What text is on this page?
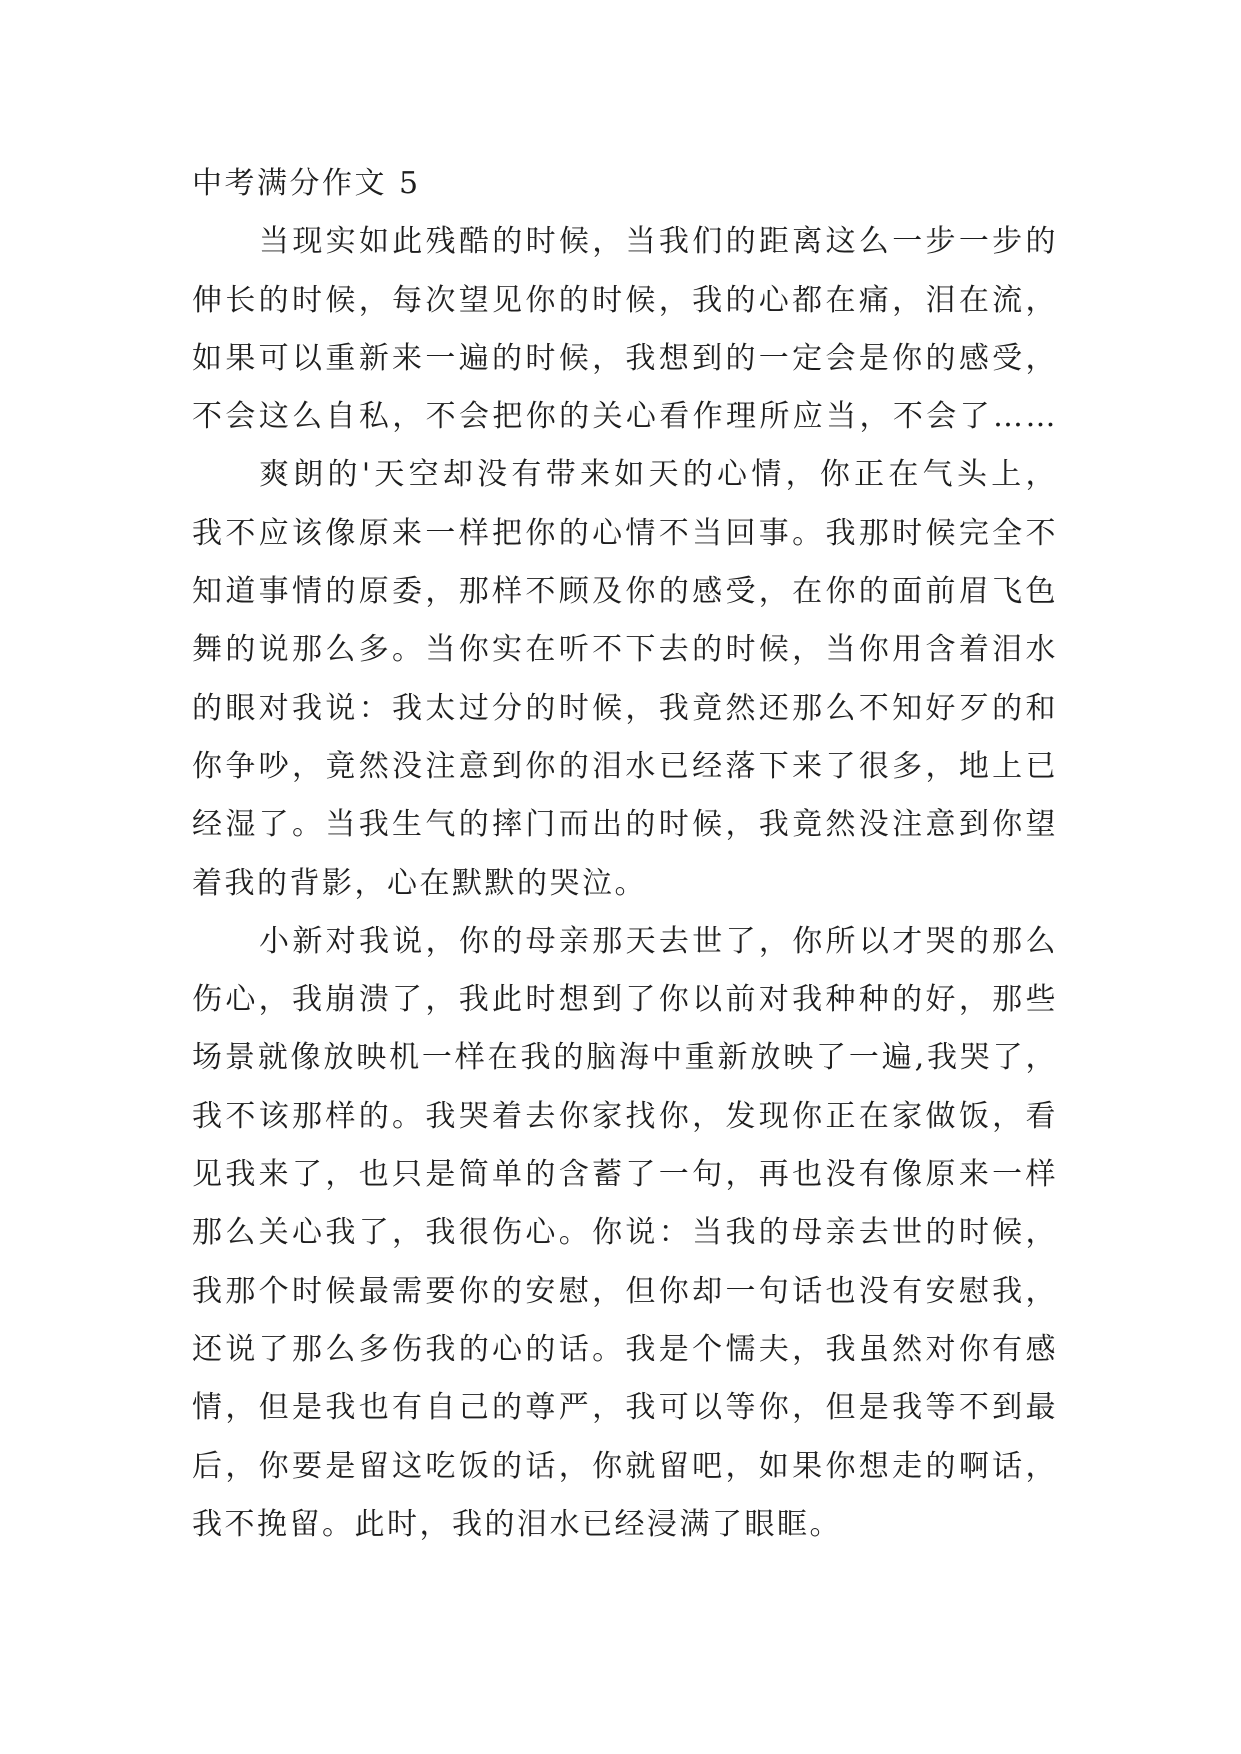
中考满分作文 5
当现实如此残酷的时候，当我们的距离这么一步一步的
伸长的时候，每次望见你的时候，我的心都在痛，泪在流，
如果可以重新来一遍的时候，我想到的一定会是你的感受，
不会这么自私，不会把你的关心看作理所应当，不会了……
爽朗的'天空却没有带来如天的心情，你正在气头上，
我不应该像原来一样把你的心情不当回事。我那时候完全不
知道事情的原委，那样不顾及你的感受，在你的面前眉飞色
舞的说那么多。当你实在听不下去的时候，当你用含着泪水
的眼对我说：我太过分的时候，我竟然还那么不知好歹的和
你争吵，竟然没注意到你的泪水已经落下来了很多，地上已
经湿了。当我生气的摔门而出的时候，我竟然没注意到你望
着我的背影，心在默默的哭泣。
小新对我说，你的母亲那天去世了，你所以才哭的那么
伤心，我崩溃了，我此时想到了你以前对我种种的好，那些
场景就像放映机一样在我的脑海中重新放映了一遍,我哭了，
我不该那样的。我哭着去你家找你，发现你正在家做饭，看
见我来了，也只是简单的含蓄了一句，再也没有像原来一样
那么关心我了，我很伤心。你说：当我的母亲去世的时候，
我那个时候最需要你的安慰，但你却一句话也没有安慰我，
还说了那么多伤我的心的话。我是个懦夫，我虽然对你有感
情，但是我也有自己的尊严，我可以等你，但是我等不到最
后，你要是留这吃饭的话，你就留吧，如果你想走的啊话，
我不挽留。此时，我的泪水已经浸满了眼眶。
